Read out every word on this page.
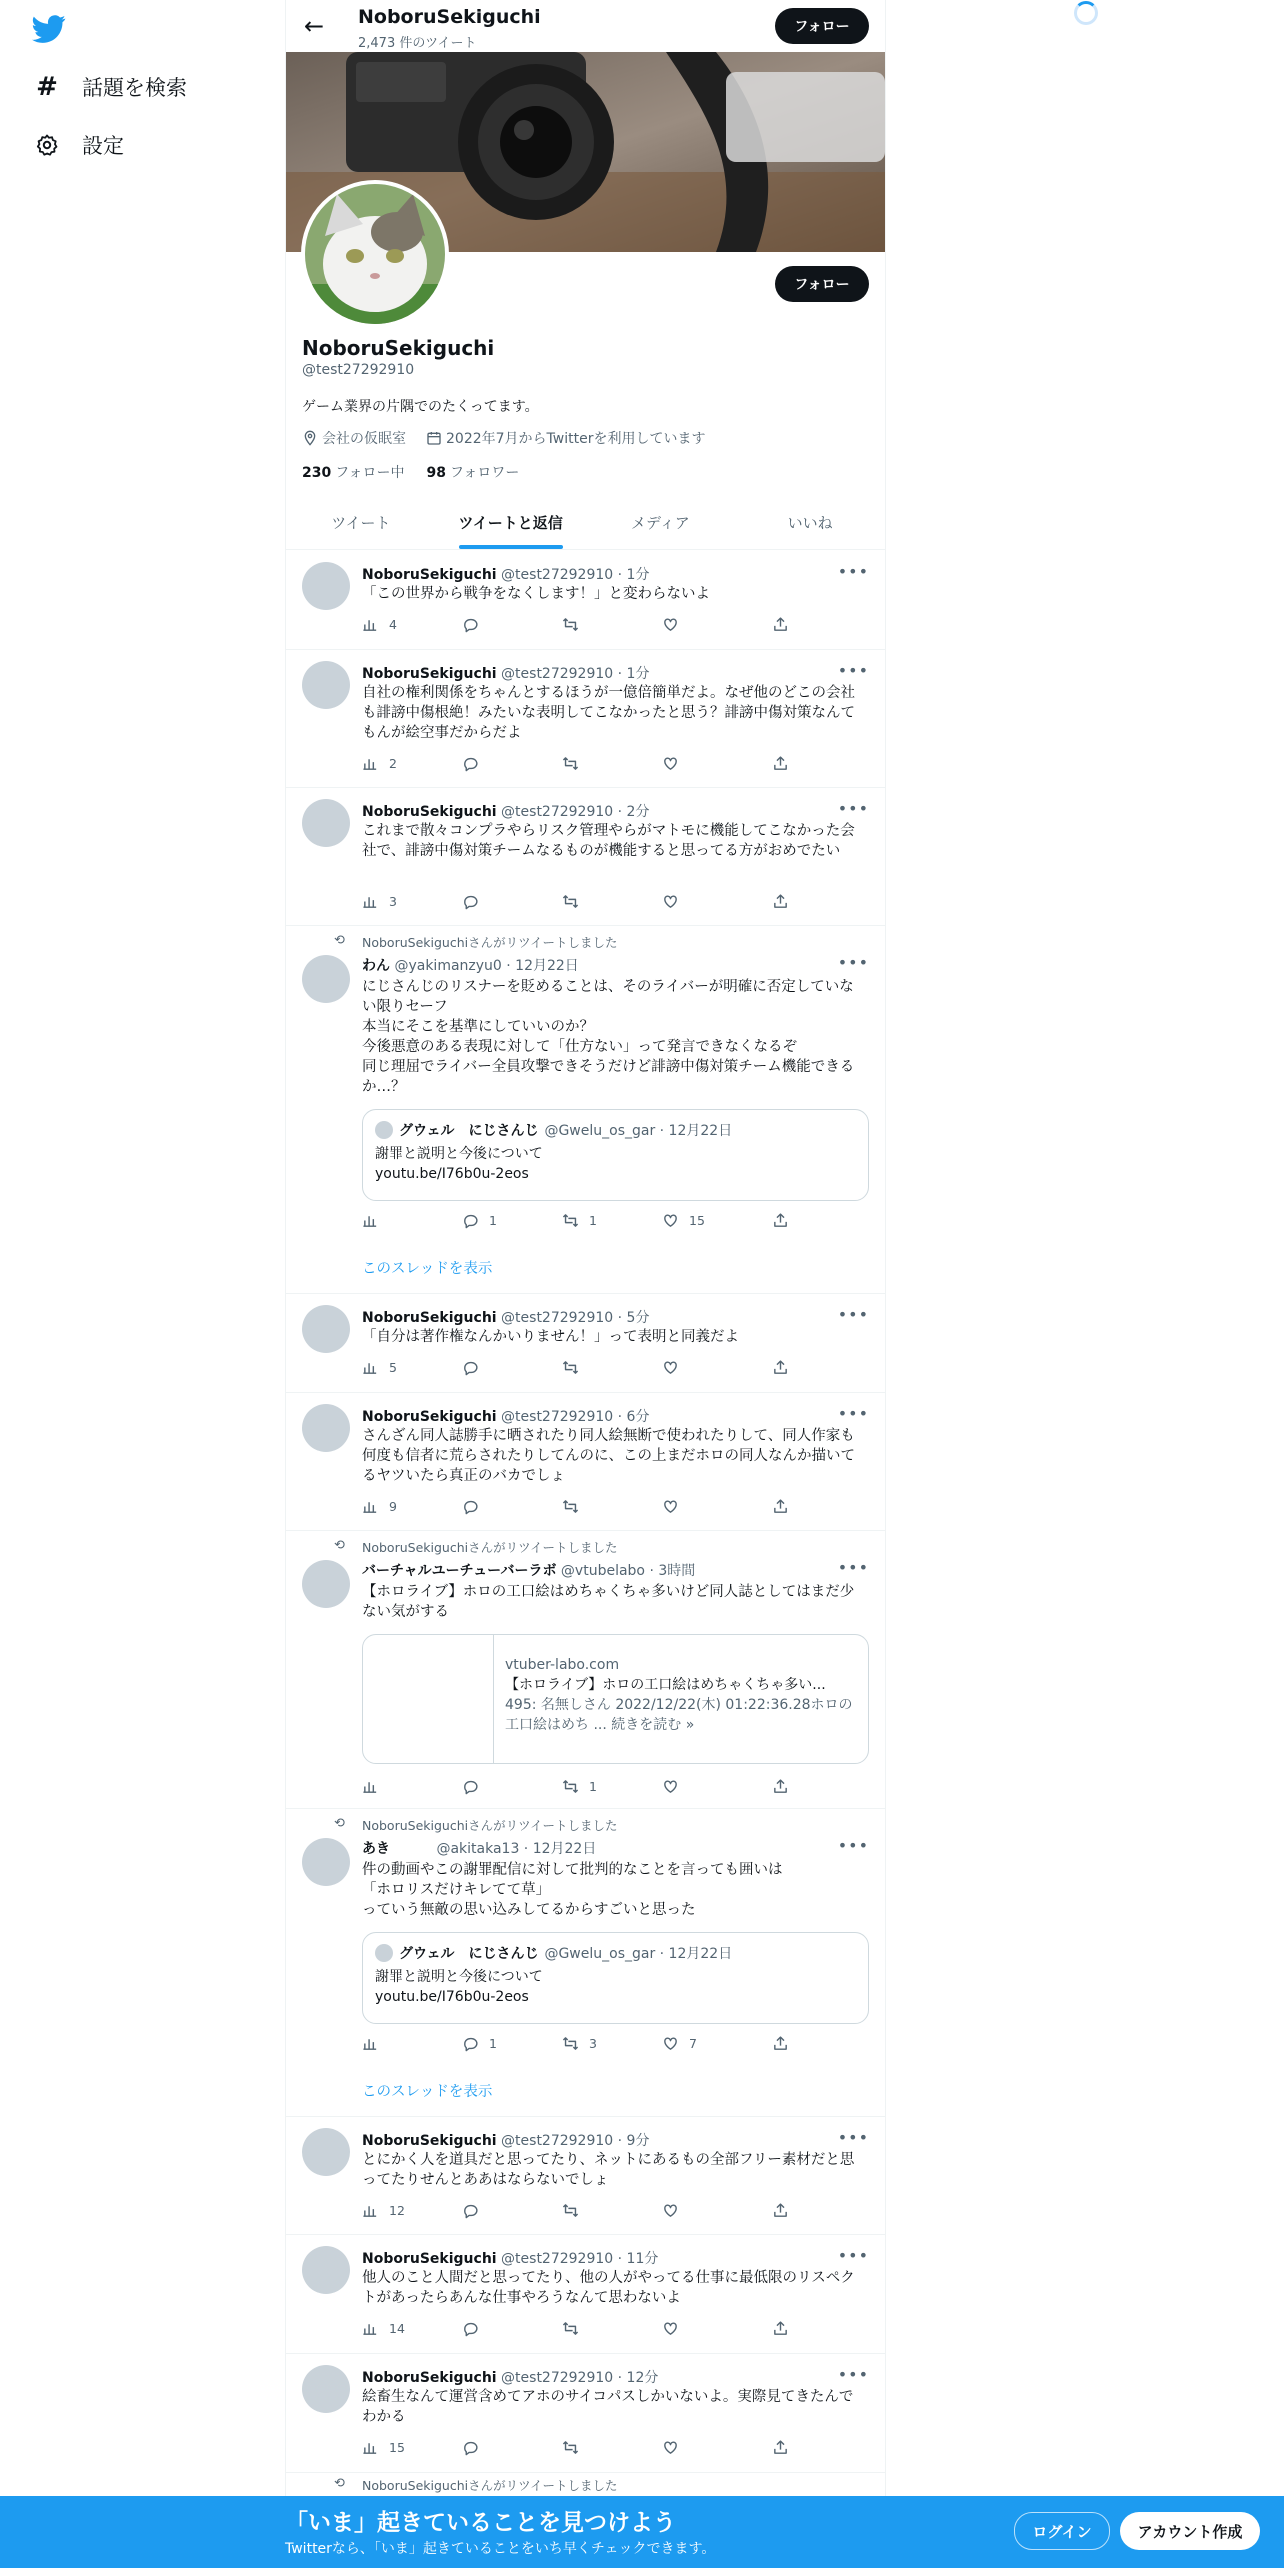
# 話題を検索
設定
← NoboruSekiguchi
2,473 件のツイート
フォロー
フォロー
NoboruSekiguchi
@test27292910
ゲーム業界の片隅でのたくってます。
会社の仮眠室	2022年7月からTwitterを利用しています
230 フォロー中 98 フォロワー
ツイート	ツイートと返信	メディア	いいね
NoboruSekiguchi @test27292910 · 1分	•••
「この世界から戦争をなくします！」と変わらないよ
4
NoboruSekiguchi @test27292910 · 1分	•••
自社の権利関係をちゃんとするほうが一億倍簡単だよ。なぜ他のどこの会社も誹謗中傷根絶！みたいな表明してこなかったと思う？誹謗中傷対策なんてもんが絵空事だからだよ
2
NoboruSekiguchi @test27292910 · 2分	•••
これまで散々コンプラやらリスク管理やらがマトモに機能してこなかった会社で、誹謗中傷対策チームなるものが機能すると思ってる方がおめでたい
3
⟲ NoboruSekiguchiさんがリツイートしました
わん @yakimanzyu0 · 12月22日	•••
にじさんじのリスナーを貶めることは、そのライバーが明確に否定していない限りセーフ
本当にそこを基準にしていいのか？
今後悪意のある表現に対して「仕方ない」って発言できなくなるぞ
同じ理屈でライバー全員攻撃できそうだけど誹謗中傷対策チーム機能できるか…？
グウェル　にじさんじ @Gwelu_os_gar · 12月22日
謝罪と説明と今後について
youtu.be/I76b0u-2eos
1	1	15
このスレッドを表示
NoboruSekiguchi @test27292910 · 5分	•••
「自分は著作権なんかいりません！」って表明と同義だよ
5
NoboruSekiguchi @test27292910 · 6分	•••
さんざん同人誌勝手に晒されたり同人絵無断で使われたりして、同人作家も何度も信者に荒らされたりしてんのに、この上まだホロの同人なんか描いてるヤツいたら真正のバカでしょ
9
⟲ NoboruSekiguchiさんがリツイートしました
バーチャルユーチューバーラボ @vtubelabo · 3時間	•••
【ホロライブ】ホロの工口絵はめちゃくちゃ多いけど同人誌としてはまだ少ない気がする
vtuber-labo.com
【ホロライブ】ホロの工口絵はめちゃくちゃ多い...
495: 名無しさん 2022/12/22(木) 01:22:36.28ホロの工口絵はめち ... 続きを読む »
1
⟲ NoboruSekiguchiさんがリツイートしました
あき　　　	@akitaka13 · 12月22日	•••
件の動画やこの謝罪配信に対して批判的なことを言っても囲いは
「ホロリスだけキレてて草」
っていう無敵の思い込みしてるからすごいと思った
グウェル　にじさんじ @Gwelu_os_gar · 12月22日
謝罪と説明と今後について
youtu.be/I76b0u-2eos
1	3	7
このスレッドを表示
NoboruSekiguchi @test27292910 · 9分	•••
とにかく人を道具だと思ってたり、ネットにあるもの全部フリー素材だと思ってたりせんとああはならないでしょ
12
NoboruSekiguchi @test27292910 · 11分	•••
他人のこと人間だと思ってたり、他の人がやってる仕事に最低限のリスペクトがあったらあんな仕事やろうなんて思わないよ
14
NoboruSekiguchi @test27292910 · 12分	•••
絵畜生なんて運営含めてアホのサイコパスしかいないよ。実際見てきたんでわかる
15
⟲ NoboruSekiguchiさんがリツイートしました
「いま」起きていることを見つけよう
Twitterなら、「いま」起きていることをいち早くチェックできます。
ログイン	アカウント作成
